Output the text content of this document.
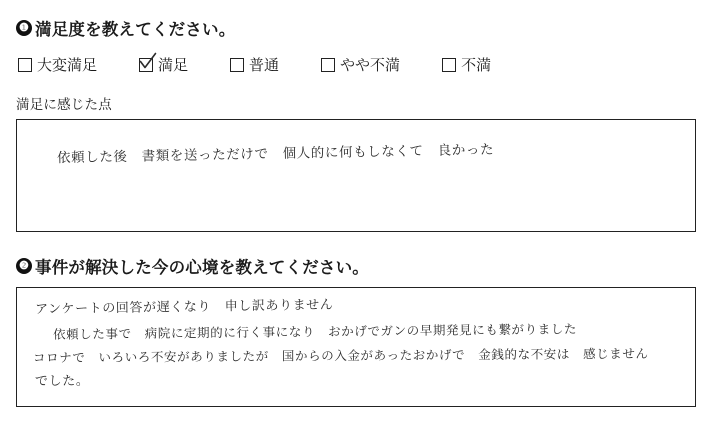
❶ 満足度を教えてください。
大変満足	満足	普通	やや不満	不満
満足に感じた点
依頼した後　書類を送っただけで　個人的に何もしなくて　良かった
❷ 事件が解決した今の心境を教えてください。
アンケートの回答が遅くなり　申し訳ありません
依頼した事で　病院に定期的に行く事になり　おかげでガンの早期発見にも繋がりました
コロナで　いろいろ不安がありましたが　国からの入金があったおかげで　金銭的な不安は　感じません
でした。
